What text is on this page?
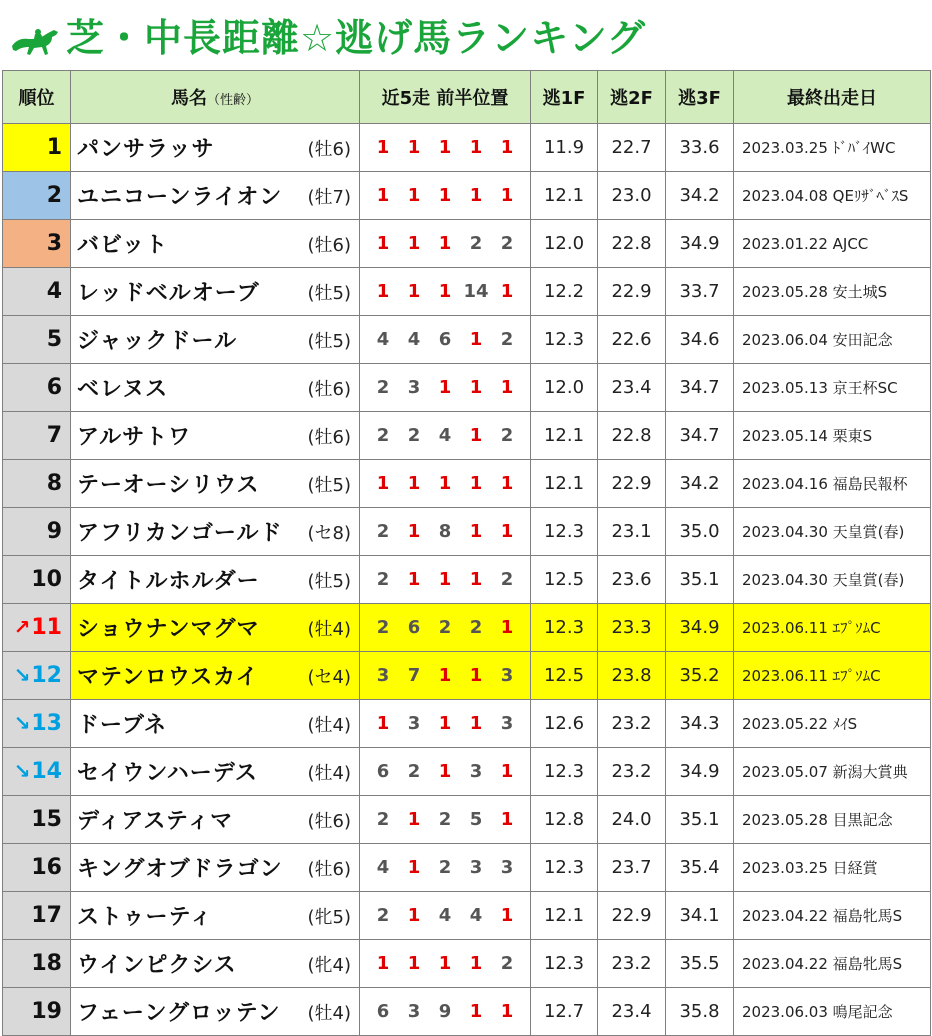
芝・中長距離☆逃げ馬ランキング
順位	馬名（性齢）	近5走 前半位置	逃1F	逃2F	逃3F	最終出走日
1	パンサラッサ (牡6)	1 1 1 1 1	11.9	22.7	33.6	2023.03.25 ﾄﾞﾊﾞｲWC
2	ユニコーンライオン (牡7)	1 1 1 1 1	12.1	23.0	34.2	2023.04.08 QEﾘｻﾞﾍﾞｽS
3	バビット (牡6)	1 1 1 2 2	12.0	22.8	34.9	2023.01.22 AJCC
4	レッドベルオーブ (牡5)	1 1 1 14 1	12.2	22.9	33.7	2023.05.28 安土城S
5	ジャックドール (牡5)	4 4 6 1 2	12.3	22.6	34.6	2023.06.04 安田記念
6	ベレヌス (牡6)	2 3 1 1 1	12.0	23.4	34.7	2023.05.13 京王杯SC
7	アルサトワ (牡6)	2 2 4 1 2	12.1	22.8	34.7	2023.05.14 栗東S
8	テーオーシリウス (牡5)	1 1 1 1 1	12.1	22.9	34.2	2023.04.16 福島民報杯
9	アフリカンゴールド (セ8)	2 1 8 1 1	12.3	23.1	35.0	2023.04.30 天皇賞(春)
10	タイトルホルダー (牡5)	2 1 1 1 2	12.5	23.6	35.1	2023.04.30 天皇賞(春)
↗11	ショウナンマグマ (牡4)	2 6 2 2 1	12.3	23.3	34.9	2023.06.11 ｴﾌﾟｿﾑC
↘12	マテンロウスカイ (セ4)	3 7 1 1 3	12.5	23.8	35.2	2023.06.11 ｴﾌﾟｿﾑC
↘13	ドーブネ (牡4)	1 3 1 1 3	12.6	23.2	34.3	2023.05.22 ﾒｲS
↘14	セイウンハーデス (牡4)	6 2 1 3 1	12.3	23.2	34.9	2023.05.07 新潟大賞典
15	ディアスティマ (牡6)	2 1 2 5 1	12.8	24.0	35.1	2023.05.28 目黒記念
16	キングオブドラゴン (牡6)	4 1 2 3 3	12.3	23.7	35.4	2023.03.25 日経賞
17	ストゥーティ (牝5)	2 1 4 4 1	12.1	22.9	34.1	2023.04.22 福島牝馬S
18	ウインピクシス (牝4)	1 1 1 1 2	12.3	23.2	35.5	2023.04.22 福島牝馬S
19	フェーングロッテン (牡4)	6 3 9 1 1	12.7	23.4	35.8	2023.06.03 鳴尾記念
